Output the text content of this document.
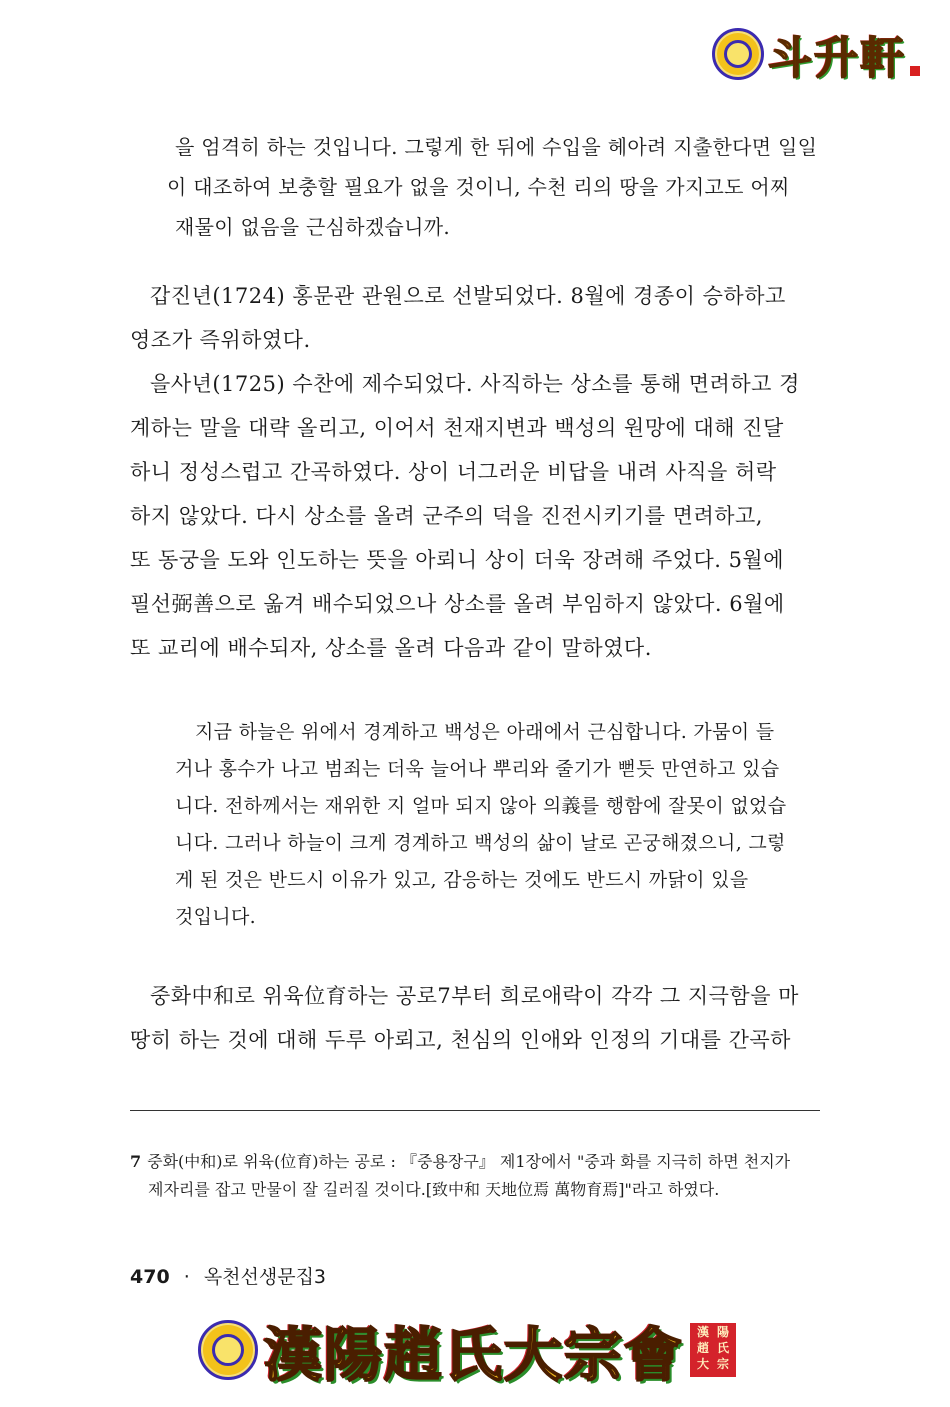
斗升軒

을 엄격히 하는 것입니다. 그렇게 한 뒤에 수입을 헤아려 지출한다면 일일

이 대조하여 보충할 필요가 없을 것이니, 수천 리의 땅을 가지고도 어찌

재물이 없음을 근심하겠습니까.

갑진년(1724) 홍문관 관원으로 선발되었다. 8월에 경종이 승하하고

영조가 즉위하였다.

을사년(1725) 수찬에 제수되었다. 사직하는 상소를 통해 면려하고 경

계하는 말을 대략 올리고, 이어서 천재지변과 백성의 원망에 대해 진달

하니 정성스럽고 간곡하였다. 상이 너그러운 비답을 내려 사직을 허락

하지 않았다. 다시 상소를 올려 군주의 덕을 진전시키기를 면려하고,

또 동궁을 도와 인도하는 뜻을 아뢰니 상이 더욱 장려해 주었다. 5월에

필선弼善으로 옮겨 배수되었으나 상소를 올려 부임하지 않았다. 6월에

또 교리에 배수되자, 상소를 올려 다음과 같이 말하였다.

지금 하늘은 위에서 경계하고 백성은 아래에서 근심합니다. 가뭄이 들

거나 홍수가 나고 범죄는 더욱 늘어나 뿌리와 줄기가 뻗듯 만연하고 있습

니다. 전하께서는 재위한 지 얼마 되지 않아 의義를 행함에 잘못이 없었습

니다. 그러나 하늘이 크게 경계하고 백성의 삶이 날로 곤궁해졌으니, 그렇

게 된 것은 반드시 이유가 있고, 감응하는 것에도 반드시 까닭이 있을

것입니다.

중화中和로 위육位育하는 공로7부터 희로애락이 각각 그 지극함을 마

땅히 하는 것에 대해 두루 아뢰고, 천심의 인애와 인정의 기대를 간곡하

7 중화(中和)로 위육(位育)하는 공로 : 『중용장구』 제1장에서 "중과 화를 지극히 하면 천지가
제자리를 잡고 만물이 잘 길러질 것이다.[致中和 天地位焉 萬物育焉]"라고 하였다.
470 · 옥천선생문집3
漢陽趙氏大宗會	漢 陽
趙 氏
大 宗
